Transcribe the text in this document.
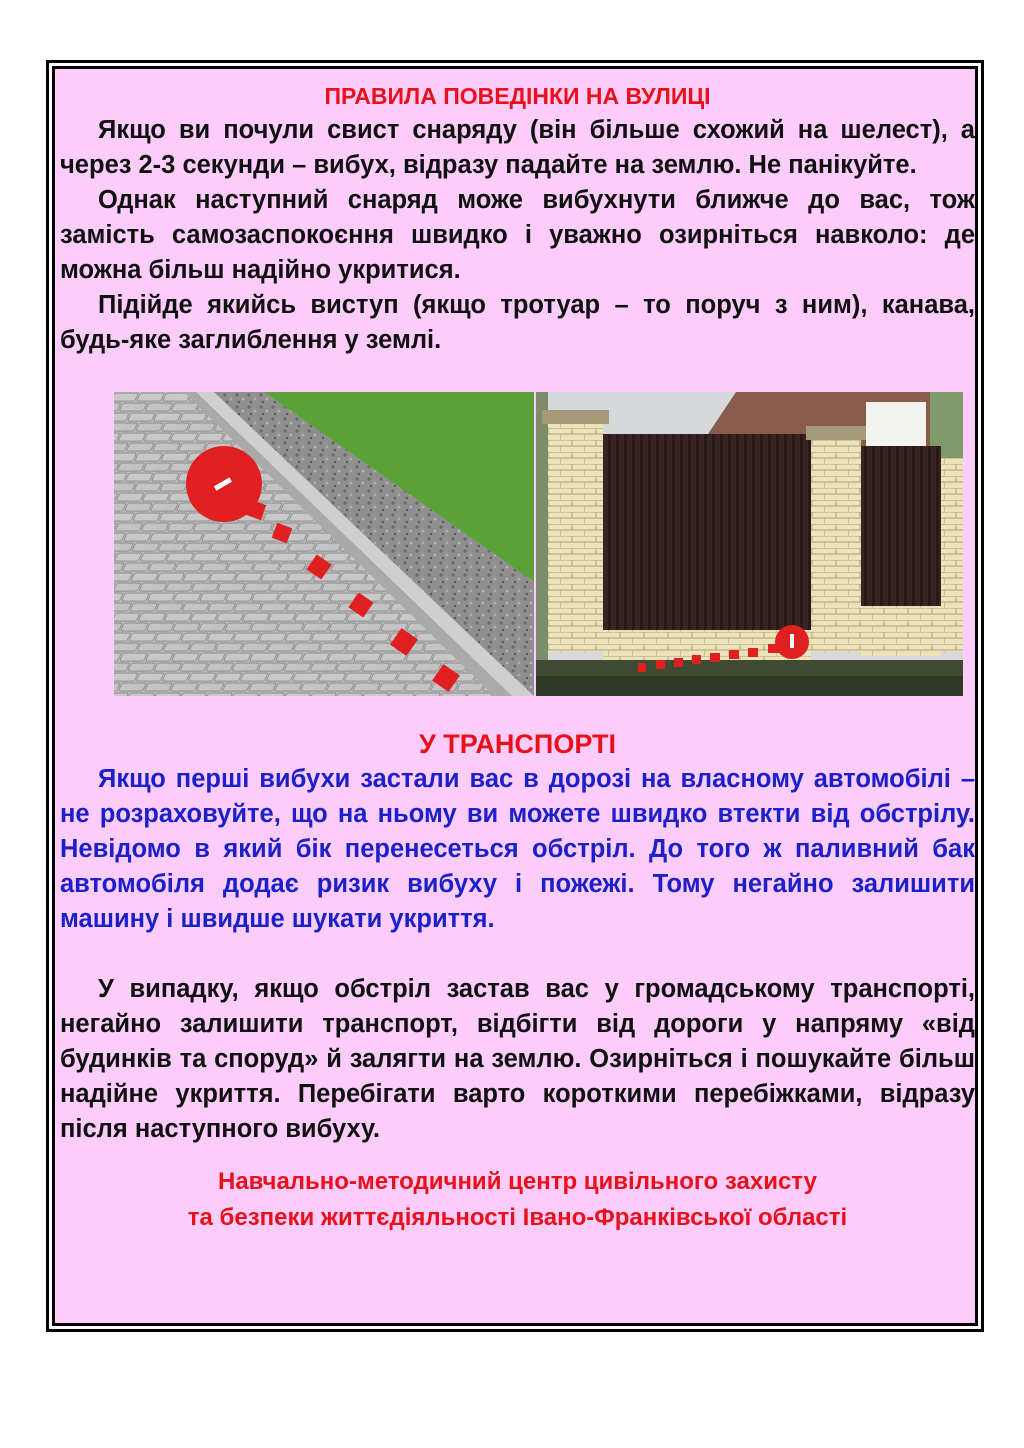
ПРАВИЛА ПОВЕДІНКИ НА ВУЛИЦІ

Якщо ви почули свист снаряду (він більше схожий на шелест), а через 2-3 секунди – вибух, відразу падайте на землю. Не панікуйте.

Однак наступний снаряд може вибухнути ближче до вас, тож замість самозаспокоєння швидко і уважно озирніться навколо: де можна більш надійно укритися.

Підійде якийсь виступ (якщо тротуар – то поруч з ним), канава, будь-яке заглиблення у землі.

У ТРАНСПОРТІ

Якщо перші вибухи застали вас в дорозі на власному автомобілі – не розраховуйте, що на ньому ви можете швидко втекти від обстрілу. Невідомо в який бік перенесеться обстріл. До того ж паливний бак автомобіля додає ризик вибуху і пожежі. Тому негайно залишити машину і швидше шукати укриття.

У випадку, якщо обстріл застав вас у громадському транспорті, негайно залишити транспорт, відбігти від дороги у напряму «від будинків та споруд» й залягти на землю. Озирніться і пошукайте більш надійне укриття. Перебігати варто короткими перебіжками, відразу після наступного вибуху.

Навчально-методичний центр цивільного захисту
та безпеки життєдіяльності Івано-Франківської області
